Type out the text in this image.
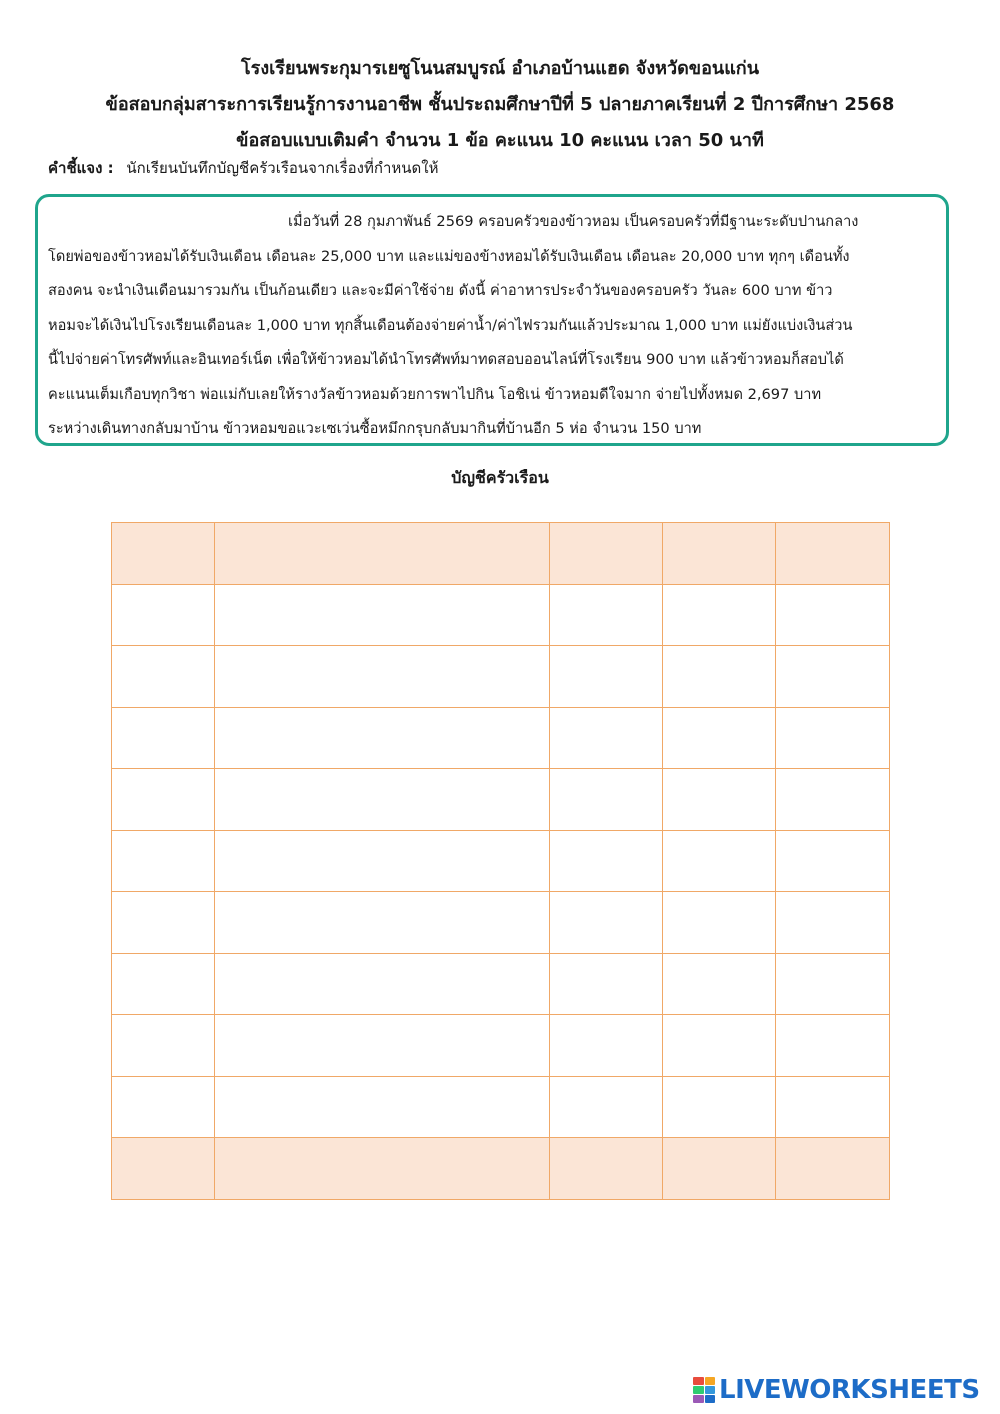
โรงเรียนพระกุมารเยซูโนนสมบูรณ์ อำเภอบ้านแฮด จังหวัดขอนแก่น
ข้อสอบกลุ่มสาระการเรียนรู้การงานอาชีพ ชั้นประถมศึกษาปีที่ 5 ปลายภาคเรียนที่ 2 ปีการศึกษา 2568
ข้อสอบแบบเติมคำ จำนวน 1 ข้อ คะแนน 10 คะแนน เวลา 50 นาที
คำชี้แจง : นักเรียนบันทึกบัญชีครัวเรือนจากเรื่องที่กำหนดให้
เมื่อวันที่ 28 กุมภาพันธ์ 2569 ครอบครัวของข้าวหอม เป็นครอบครัวที่มีฐานะระดับปานกลาง
โดยพ่อของข้าวหอมได้รับเงินเดือน เดือนละ 25,000 บาท และแม่ของข้างหอมได้รับเงินเดือน เดือนละ 20,000 บาท ทุกๆ เดือนทั้ง
สองคน จะนำเงินเดือนมารวมกัน เป็นก้อนเดียว และจะมีค่าใช้จ่าย ดังนี้ ค่าอาหารประจำวันของครอบครัว วันละ 600 บาท ข้าว
หอมจะได้เงินไปโรงเรียนเดือนละ 1,000 บาท ทุกสิ้นเดือนต้องจ่ายค่าน้ำ/ค่าไฟรวมกันแล้วประมาณ 1,000 บาท แม่ยังแบ่งเงินส่วน
นี้ไปจ่ายค่าโทรศัพท์และอินเทอร์เน็ต เพื่อให้ข้าวหอมได้นำโทรศัพท์มาทดสอบออนไลน์ที่โรงเรียน 900 บาท แล้วข้าวหอมก็สอบได้
คะแนนเต็มเกือบทุกวิชา พ่อแม่กับเลยให้รางวัลข้าวหอมด้วยการพาไปกิน โอชิเน่ ข้าวหอมดีใจมาก จ่ายไปทั้งหมด 2,697 บาท
ระหว่างเดินทางกลับมาบ้าน ข้าวหอมขอแวะเซเว่นซื้อหมึกกรุบกลับมากินที่บ้านอีก 5 ห่อ จำนวน 150 บาท
บัญชีครัวเรือน

LIVEWORKSHEETS
